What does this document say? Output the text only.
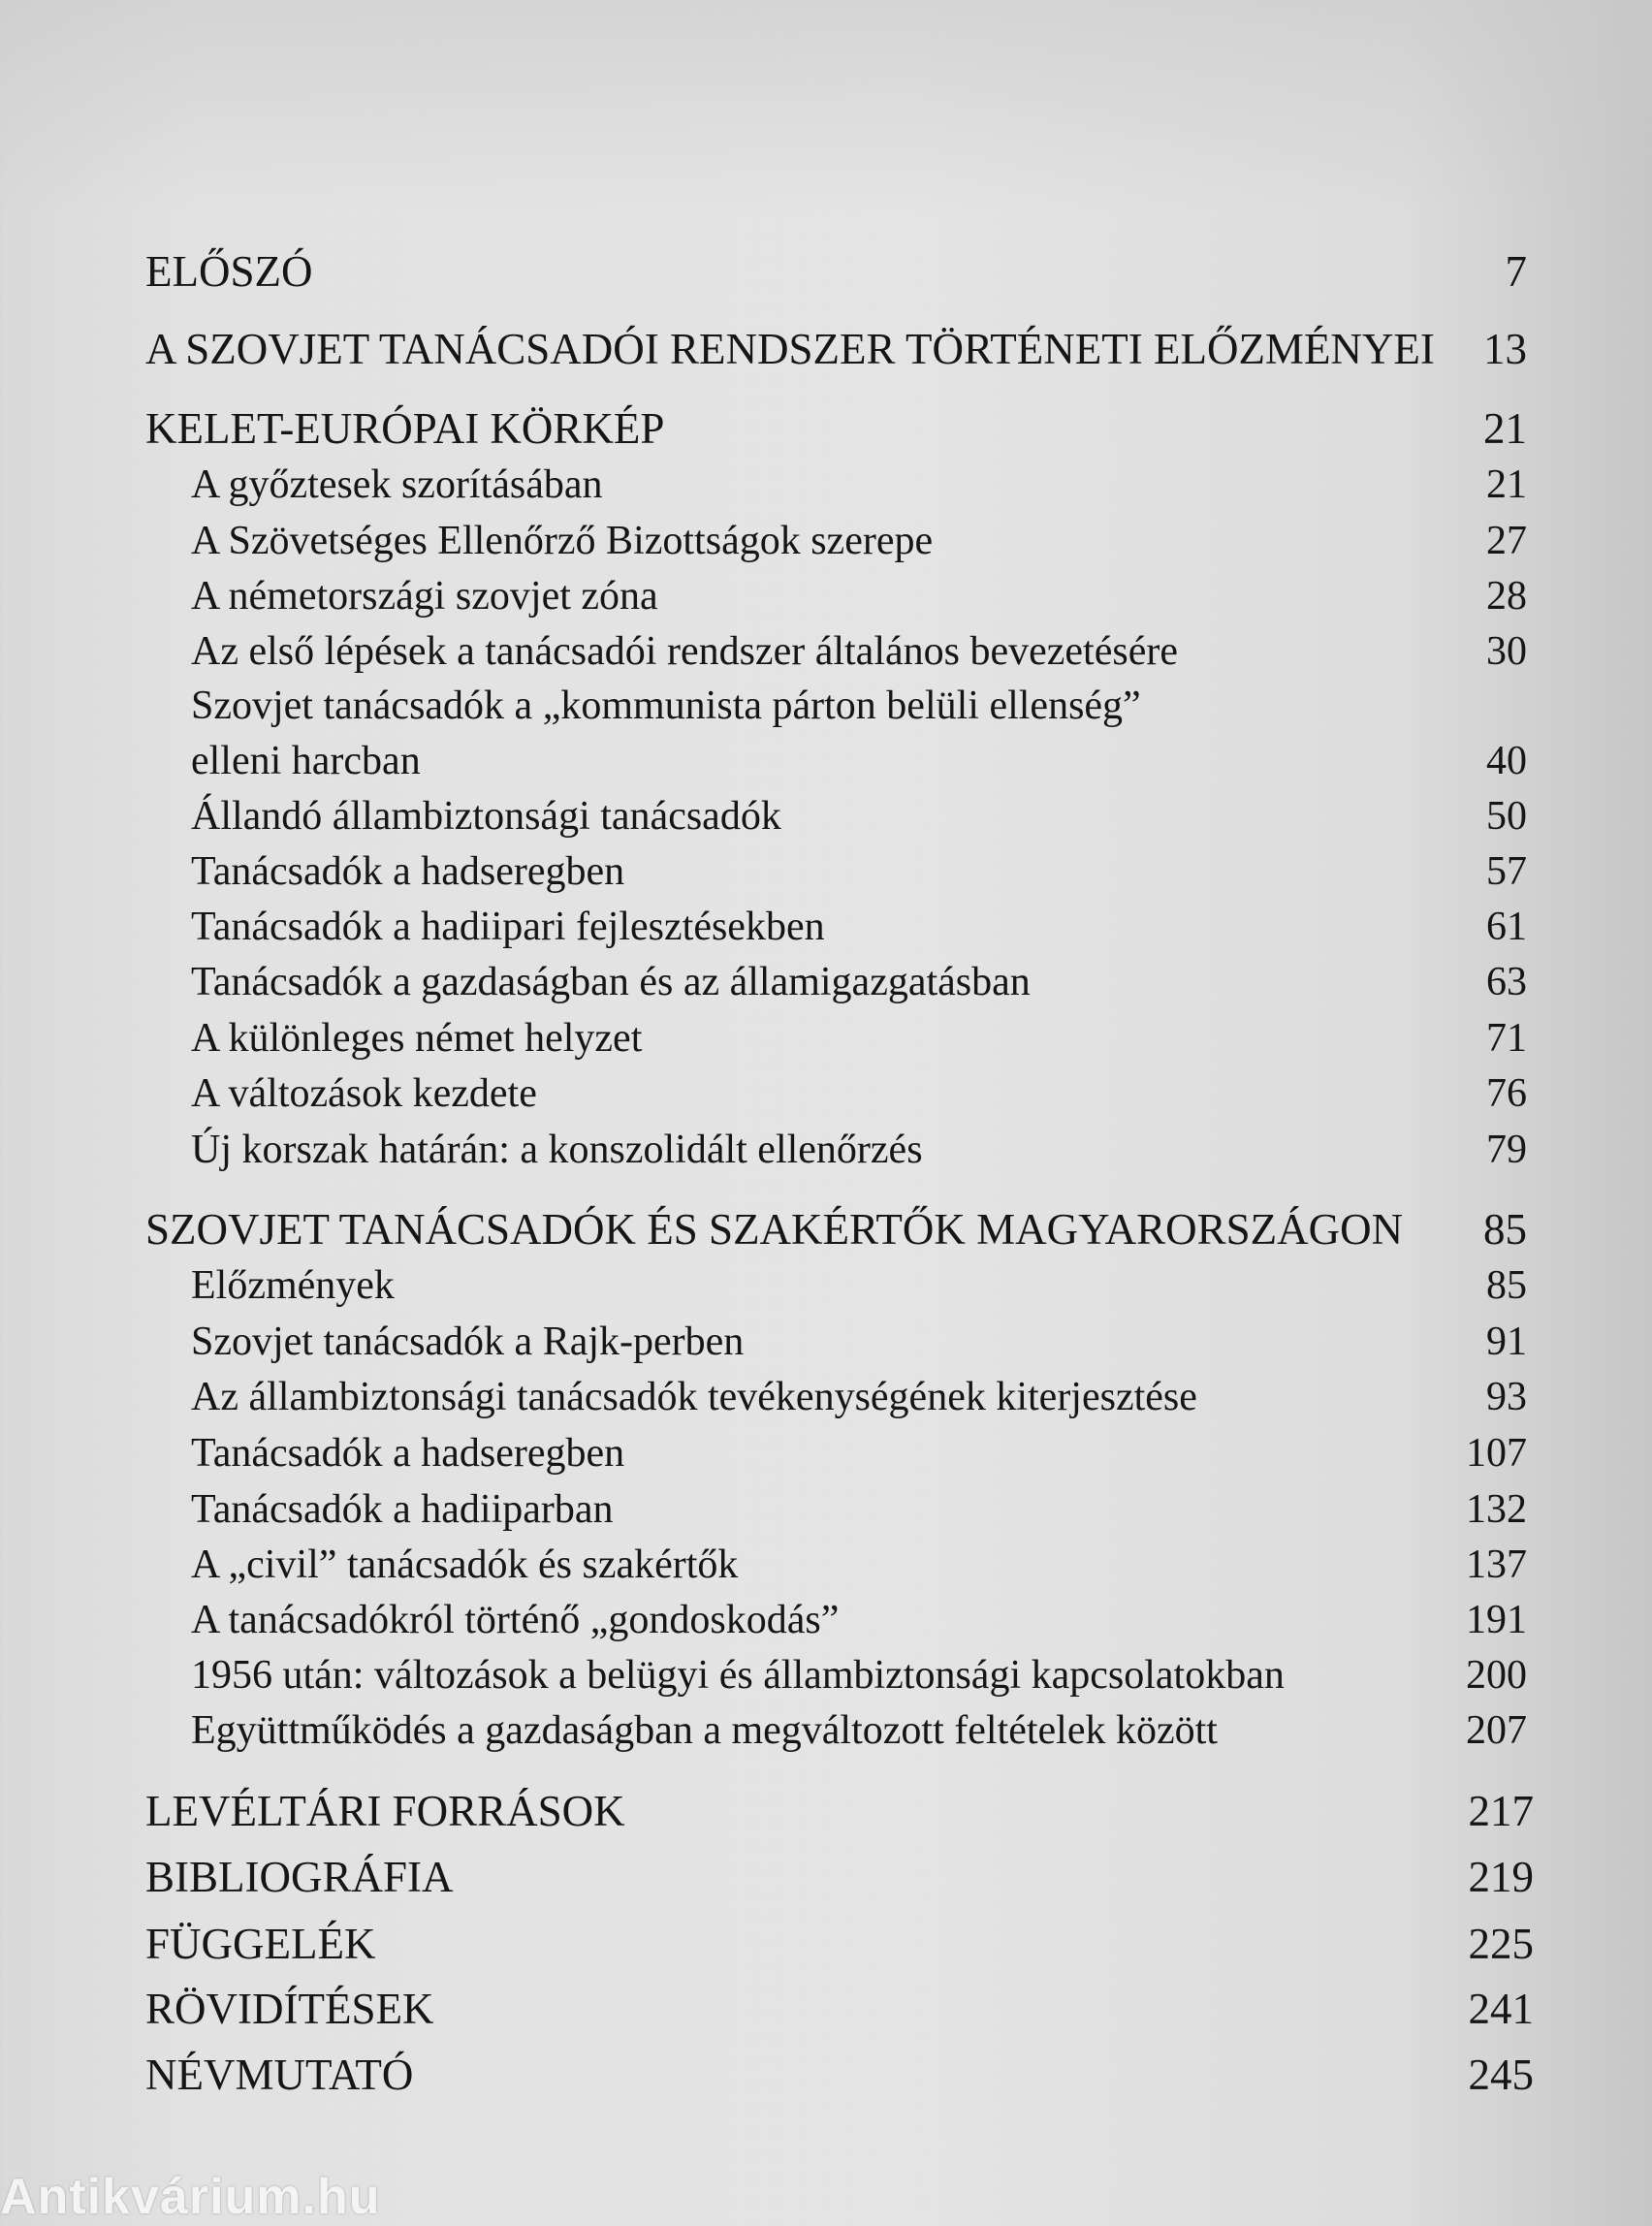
ELŐSZÓ	7
A SZOVJET TANÁCSADÓI RENDSZER TÖRTÉNETI ELŐZMÉNYEI 13
KELET-EURÓPAI KÖRKÉP	21
A győztesek szorításában	21
A Szövetséges Ellenőrző Bizottságok szerepe	27
A németországi szovjet zóna	28
Az első lépések a tanácsadói rendszer általános bevezetésére	30
Szovjet tanácsadók a „kommunista párton belüli ellenség”
elleni harcban	40
Állandó állambiztonsági tanácsadók	50
Tanácsadók a hadseregben	57
Tanácsadók a hadiipari fejlesztésekben	61
Tanácsadók a gazdaságban és az államigazgatásban	63
A különleges német helyzet	71
A változások kezdete	76
Új korszak határán: a konszolidált ellenőrzés	79
SZOVJET TANÁCSADÓK ÉS SZAKÉRTŐK MAGYARORSZÁGON 85
Előzmények	85
Szovjet tanácsadók a Rajk-perben	91
Az állambiztonsági tanácsadók tevékenységének kiterjesztése	93
Tanácsadók a hadseregben	107
Tanácsadók a hadiiparban	132
A „civil” tanácsadók és szakértők	137
A tanácsadókról történő „gondoskodás”	191
1956 után: változások a belügyi és állambiztonsági kapcsolatokban	200
Együttműködés a gazdaságban a megváltozott feltételek között	207
LEVÉLTÁRI FORRÁSOK	217
BIBLIOGRÁFIA	219
FÜGGELÉK	225
RÖVIDÍTÉSEK	241
NÉVMUTATÓ	245
Antikvárium.hu
